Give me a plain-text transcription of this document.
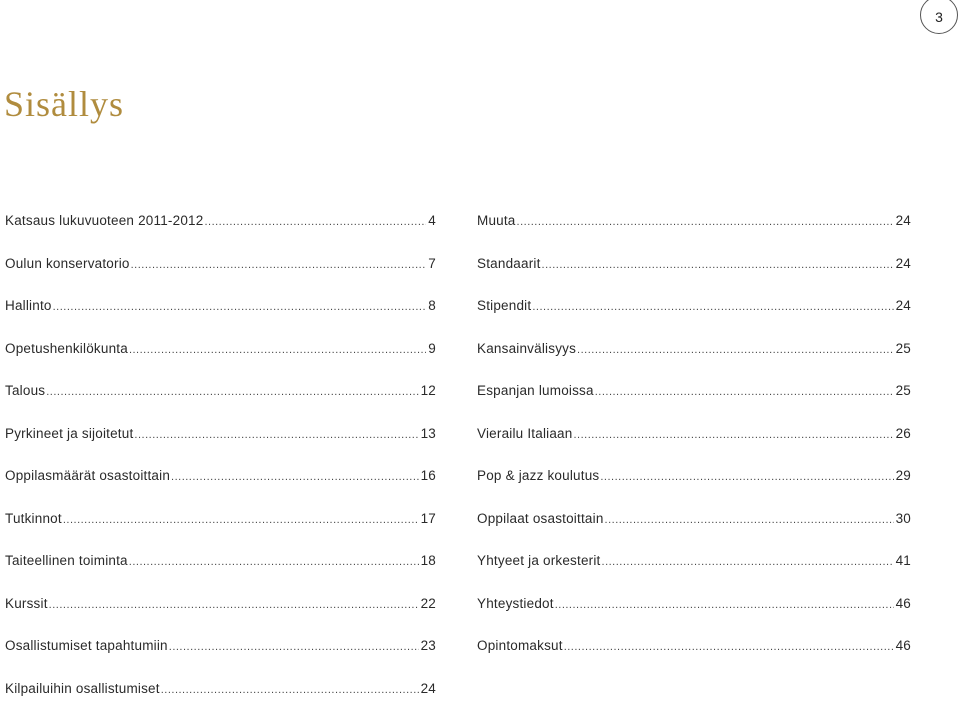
3
Sisällys
Katsaus lukuvuoteen 2011-2012 .....	4
Oulun konservatorio .....	7
Hallinto .....	8
Opetushenkilökunta .....	9
Talous .....	12
Pyrkineet ja sijoitetut .....	13
Oppilasmäärät osastoittain .....	16
Tutkinnot .....	17
Taiteellinen toiminta .....	18
Kurssit .....	22
Osallistumiset tapahtumiin .....	23
Kilpailuihin osallistumiset .....	24
Muuta .....	24
Standaarit .....	24
Stipendit .....	24
Kansainvälisyys .....	25
Espanjan lumoissa .....	25
Vierailu Italiaan .....	26
Pop & jazz koulutus .....	29
Oppilaat osastoittain .....	30
Yhtyeet ja orkesterit .....	41
Yhteystiedot .....	46
Opintomaksut .....	46
